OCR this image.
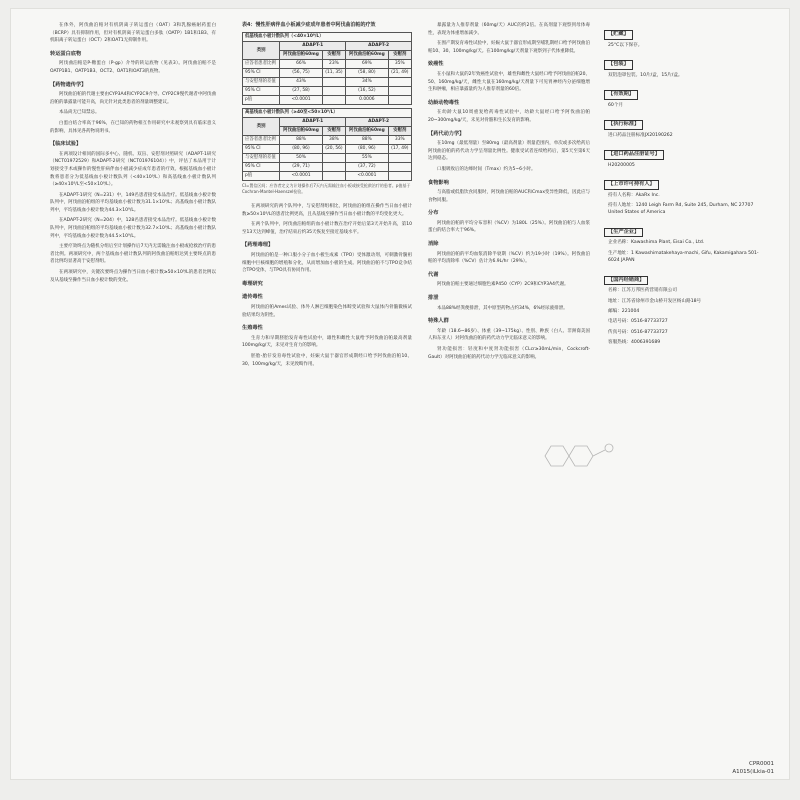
在体外，阿伐曲泊帕对有机阴离子转运蛋白（OAT）3和乳腺癌耐药蛋白（BCRP）具有抑制作用，但对有机阴离子转运蛋白多肽（OATP）1B1和1B3、有机阳离子转运蛋白（OCT）2和OAT1无抑制作用。
转运蛋白底物
阿伐曲泊帕是P-糖蛋白（P-gp）介导的转运底物（见表3）。阿伐曲泊帕不是OATP1B1、OATP1B3、OCT2、OAT1和OAT3的底物。
【药物遗传学】
阿伐曲泊帕的代谢主要由CYP3A4和CYP2C9介导。CYP2C9慢代谢者中阿伐曲泊帕的暴露量可能升高，尚无针对此类患者的剂量调整建议。
本品尚无已知禁忌。
白蛋白结合率高于96%，在已知的药物相互作用研究中未观察到具有临床意义的影响，具体见各药物说明书。
【临床试验】
在两项设计相同的国际多中心、随机、双盲、安慰剂对照研究（ADAPT-1研究（NCT01972529）和ADAPT-2研究（NCT01976104））中，评估了本品用于计划接受手术或操作的慢性肝病伴血小板减少症成年患者的疗效。根据基线血小板计数将患者分为低基线血小板计数队列（<40×10⁹/L）和高基线血小板计数队列（≥40×10⁹/L至<50×10⁹/L）。
在ADAPT-1研究（N=231）中，149名患者接受本品治疗。低基线血小板计数队列中，阿伐曲泊帕组的平均基线血小板计数为31.1×10⁹/L；高基线血小板计数队列中，平均基线血小板计数为44.3×10⁹/L。
在ADAPT-2研究（N=204）中，128名患者接受本品治疗。低基线血小板计数队列中，阿伐曲泊帕组的平均基线血小板计数为32.7×10⁹/L；高基线血小板计数队列中，平均基线血小板计数为44.5×10⁹/L。
主要疗效终点为随机分组后至计划操作后7天内无需输注血小板或抢救治疗的患者比例。两项研究中，两个基线血小板计数队列的阿伐曲泊帕组达到主要终点的患者比例均显著高于安慰剂组。
在两项研究中，关键次要终点为操作当日血小板计数≥50×10⁹/L的患者比例以及从基线至操作当日血小板计数的变化。
表4：慢性肝病伴血小板减少症成年患者中阿伐曲泊帕的疗效
低基线血小板计数队列（<40×10⁹/L）				
类别	ADAPT-1		ADAPT-2	
	阿伐曲泊帕60mg	安慰剂	阿伐曲泊帕60mg	安慰剂
应答者患者比例	66%	23%	69%	35%
95% CI	(56, 75)	(11, 35)	(58, 80)	(21, 49)
与安慰剂的差值	43%		34%	
95% CI	(27, 58)		(16, 52)	
p值	<0.0001		0.0006	
高基线血小板计数队列（≥40至<50×10⁹/L）				
类别	ADAPT-1		ADAPT-2	
	阿伐曲泊帕60mg	安慰剂	阿伐曲泊帕60mg	安慰剂
应答者患者比例	88%	38%	88%	33%
95% CI	(80, 96)	(20, 56)	(80, 96)	(17, 49)
与安慰剂的差值	50%		55%	
95% CI	(29, 71)		(37, 72)	
p值	<0.0001		<0.0001	
CI=置信区间；应答者定义为计划操作后7天内无需输注血小板或接受抢救治疗的患者。p值基于Cochran-Mantel-Haenszel检验。
在两项研究的两个队列中，与安慰剂组相比，阿伐曲泊帕组在操作当日血小板计数≥50×10⁹/L的患者比例更高，且从基线至操作当日血小板计数的平均变化更大。
在两个队列中，阿伐曲泊帕组的血小板计数在治疗开始后第3天开始升高，第10至13天达到峰值，治疗结束后约35天恢复至接近基线水平。
【药理毒理】
阿伐曲泊帕是一种口服小分子血小板生成素（TPO）受体激动剂，可刺激骨髓祖细胞中巨核细胞的增殖和分化，从而增加血小板的生成。阿伐曲泊帕不与TPO竞争结合TPO受体，与TPO具有协同作用。
毒理研究
遗传毒性
阿伐曲泊帕Ames试验、体外人淋巴细胞染色体畸变试验和大鼠体内骨髓微核试验结果均为阴性。
生殖毒性
生育力和早期胚胎发育毒性试验中，雄性和雌性大鼠给予阿伐曲泊帕最高剂量100mg/kg/天，未见对生育力的影响。
胚胎-胎仔发育毒性试验中，妊娠大鼠于器官形成期经口给予阿伐曲泊帕10、30、100mg/kg/天，未见致畸作用。
暴露量为人推荐剂量（60mg/天）AUC的约2倍。在高剂量下观察到母体毒性，表现为体重增加减少。
在围产期发育毒性试验中，妊娠大鼠于器官形成期至哺乳期经口给予阿伐曲泊帕10、30、100mg/kg/天。在100mg/kg/天剂量下观察到子代体重降低。
致癌性
在小鼠和大鼠的2年致癌性试验中，雄性和雌性大鼠经口给予阿伐曲泊帕20、50、160mg/kg/天，雌性大鼠在160mg/kg/天剂量下可见胃神经内分泌细胞增生和肿瘤，相应暴露量约为人推荐剂量的60倍。
幼龄动物毒性
在幼龄大鼠10周重复给药毒性试验中，幼龄大鼠经口给予阿伐曲泊帕20~300mg/kg/天，未见对骨骼和生长发育的影响。
【药代动力学】
在10mg（最低剂量）至80mg（最高剂量）剂量范围内，单次或多次给药后阿伐曲泊帕的药代动力学呈剂量比例性。健康受试者连续给药后，第5天至第6天达到稳态。
口服吸收后的达峰时间（Tmax）约为5~6小时。
食物影响
与高脂或低脂饮食同服时，阿伐曲泊帕的AUC和Cmax变异性降低，因此应与食物同服。
分布
阿伐曲泊帕的平均分布容积（%CV）为180L（25%）。阿伐曲泊帕与人血浆蛋白的结合率大于96%。
消除
阿伐曲泊帕的平均血浆消除半衰期（%CV）约为19小时（19%）。阿伐曲泊帕的平均清除率（%CV）估计为6.9L/hr（29%）。
代谢
阿伐曲泊帕主要通过细胞色素P450（CYP）2C9和CYP3A4代谢。
排泄
本品88%经粪便排泄，其中原型药物占约34%，6%经尿液排泄。
特殊人群
年龄（18.6~86岁）、体重（39~175kg）、性别、种族（白人、非洲裔美国人和东亚人）对阿伐曲泊帕的药代动力学无临床意义的影响。
肾功能损害：轻度和中度肾功能损害（CLcr≥30mL/min，Cockcroft-Gault）对阿伐曲泊帕的药代动力学无临床意义的影响。
【贮藏】
25°C以下保存。
【包装】
双铝泡罩包装。10片/盒，15片/盒。
【有效期】
60个月
【执行标准】
进口药品注册标准JX20190262
【进口药品注册证号】
H20200005
【上市许可持有人】
持有人名称：AkaRx Inc.
持有人地址：1240 Leigh Farm Rd, Suite 245, Durham, NC 27707 United States of America
【生产企业】
企业名称：Kawashima Plant, Eisai Co., Ltd.
生产地址：1 Kawashimatakehaya-machi, Gifu, Kakamigahara 501-6024 JAPAN
【国内经销商】
名称：江苏万邦医药营销有限公司
地址：江苏省徐州市金山桥开发区杨山路18号
邮编：221004
电话号码：0516-87733727
传真号码：0516-87733727
客服热线：4006391689
CPR0001
A1015(iLkia-01
